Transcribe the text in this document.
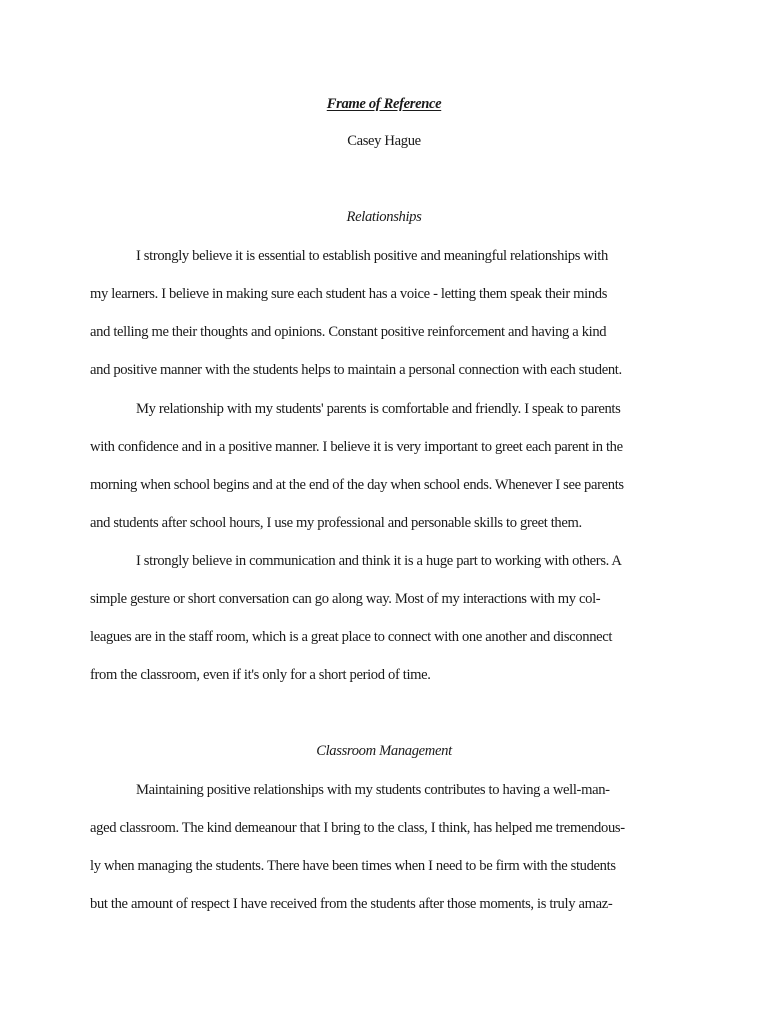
Frame of Reference
Casey Hague
Relationships
I strongly believe it is essential to establish positive and meaningful relationships with
my learners. I believe in making sure each student has a voice - letting them speak their minds
and telling me their thoughts and opinions. Constant positive reinforcement and having a kind
and positive manner with the students helps to maintain a personal connection with each student.
My relationship with my students' parents is comfortable and friendly. I speak to parents
with confidence and in a positive manner. I believe it is very important to greet each parent in the
morning when school begins and at the end of the day when school ends. Whenever I see parents
and students after school hours, I use my professional and personable skills to greet them.
I strongly believe in communication and think it is a huge part to working with others. A
simple gesture or short conversation can go along way. Most of my interactions with my col-
leagues are in the staff room, which is a great place to connect with one another and disconnect
from the classroom, even if it's only for a short period of time.
Classroom Management
Maintaining positive relationships with my students contributes to having a well-man-
aged classroom. The kind demeanour that I bring to the class, I think, has helped me tremendous-
ly when managing the students. There have been times when I need to be firm with the students
but the amount of respect I have received from the students after those moments, is truly amaz-
